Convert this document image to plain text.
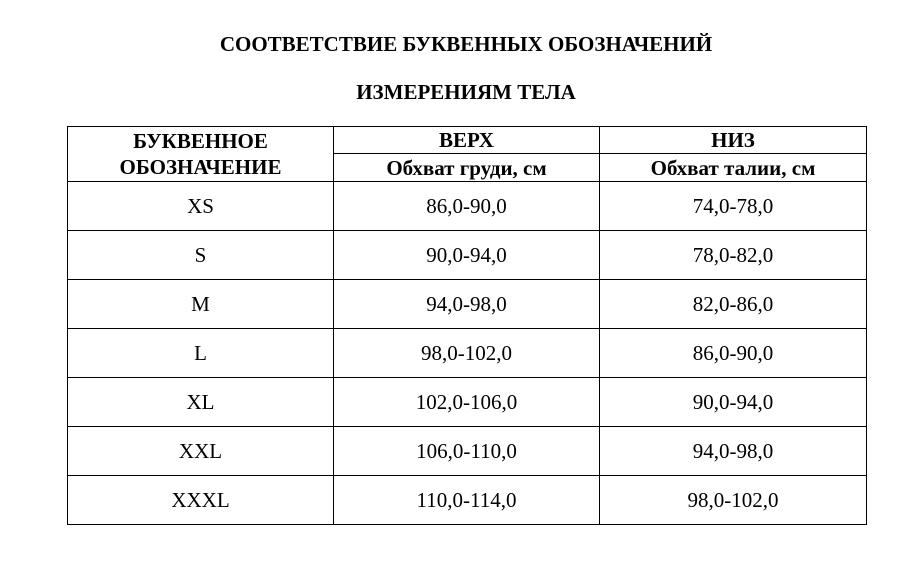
СООТВЕТСТВИЕ БУКВЕННЫХ ОБОЗНАЧЕНИЙ
ИЗМЕРЕНИЯМ ТЕЛА
БУКВЕННОЕ
ОБОЗНАЧЕНИЕ	ВЕРХ	НИЗ
	Обхват груди, см	Обхват талии, см
XS	86,0-90,0	74,0-78,0
S	90,0-94,0	78,0-82,0
M	94,0-98,0	82,0-86,0
L	98,0-102,0	86,0-90,0
XL	102,0-106,0	90,0-94,0
XXL	106,0-110,0	94,0-98,0
XXXL	110,0-114,0	98,0-102,0
